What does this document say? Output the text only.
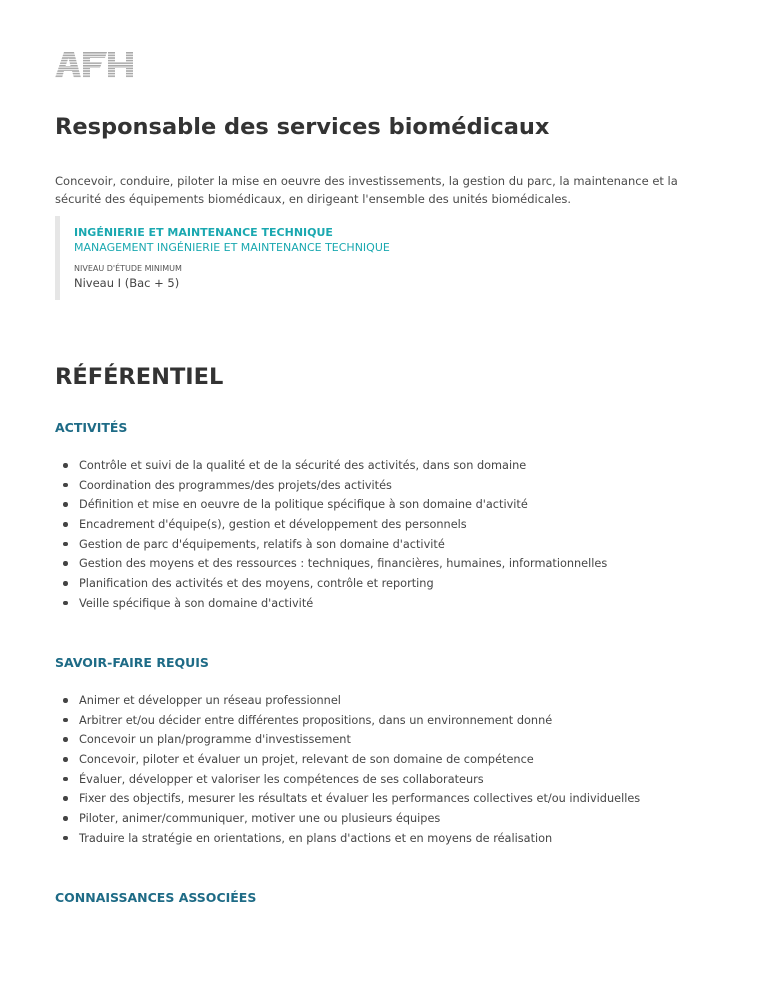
Responsable des services biomédicaux

Concevoir, conduire, piloter la mise en oeuvre des investissements, la gestion du parc, la maintenance et la sécurité des équipements biomédicaux, en dirigeant l'ensemble des unités biomédicales.

INGÉNIERIE ET MAINTENANCE TECHNIQUE
MANAGEMENT INGÉNIERIE ET MAINTENANCE TECHNIQUE
NIVEAU D'ÉTUDE MINIMUM
Niveau I (Bac + 5)
RÉFÉRENTIEL
ACTIVITÉS
Contrôle et suivi de la qualité et de la sécurité des activités, dans son domaine
Coordination des programmes/des projets/des activités
Définition et mise en oeuvre de la politique spécifique à son domaine d'activité
Encadrement d'équipe(s), gestion et développement des personnels
Gestion de parc d'équipements, relatifs à son domaine d'activité
Gestion des moyens et des ressources : techniques, financières, humaines, informationnelles
Planification des activités et des moyens, contrôle et reporting
Veille spécifique à son domaine d'activité
SAVOIR-FAIRE REQUIS
Animer et développer un réseau professionnel
Arbitrer et/ou décider entre différentes propositions, dans un environnement donné
Concevoir un plan/programme d'investissement
Concevoir, piloter et évaluer un projet, relevant de son domaine de compétence
Évaluer, développer et valoriser les compétences de ses collaborateurs
Fixer des objectifs, mesurer les résultats et évaluer les performances collectives et/ou individuelles
Piloter, animer/communiquer, motiver une ou plusieurs équipes
Traduire la stratégie en orientations, en plans d'actions et en moyens de réalisation
CONNAISSANCES ASSOCIÉES
